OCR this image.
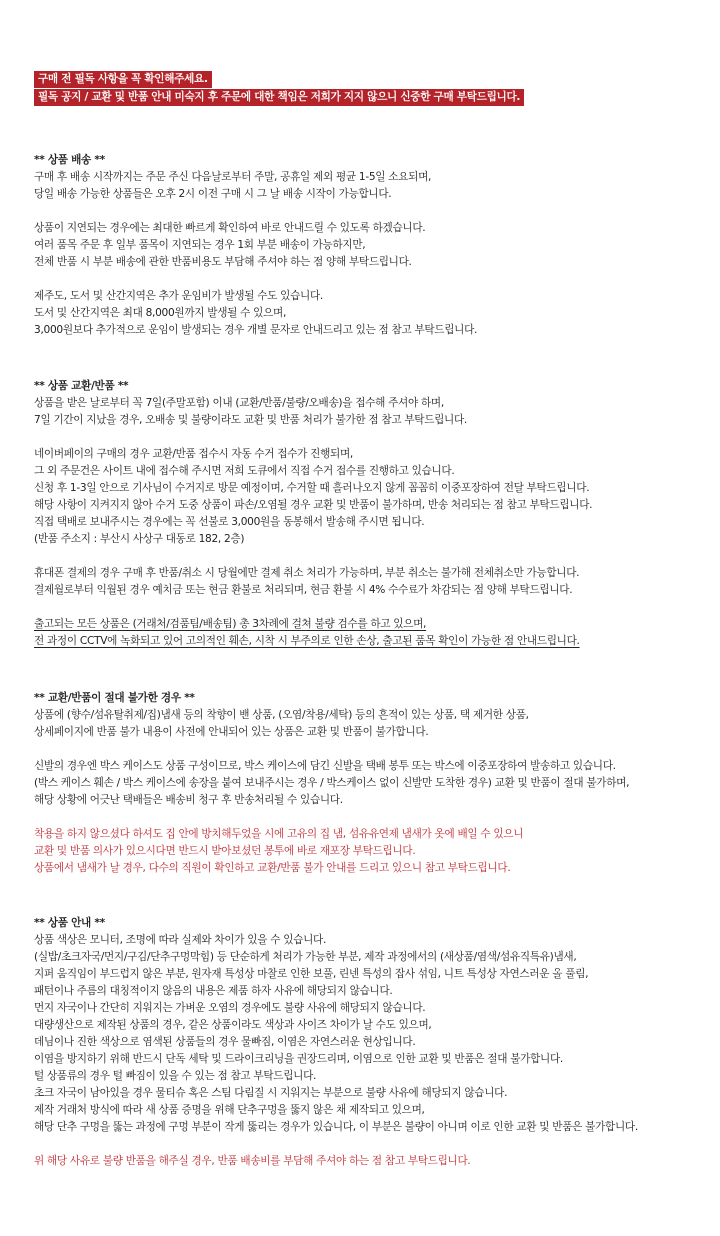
구매 전 필독 사항을 꼭 확인해주세요.
필독 공지 / 교환 및 반품 안내 미숙지 후 주문에 대한 책임은 저희가 지지 않으니 신중한 구매 부탁드립니다.
** 상품 배송 **
구매 후 배송 시작까지는 주문 주신 다음날로부터 주말, 공휴일 제외 평균 1-5일 소요되며,
당일 배송 가능한 상품들은 오후 2시 이전 구매 시 그 날 배송 시작이 가능합니다.
상품이 지연되는 경우에는 최대한 빠르게 확인하여 바로 안내드릴 수 있도록 하겠습니다.
여러 품목 주문 후 일부 품목이 지연되는 경우 1회 부분 배송이 가능하지만,
전체 반품 시 부분 배송에 관한 반품비용도 부담해 주셔야 하는 점 양해 부탁드립니다.
제주도, 도서 및 산간지역은 추가 운임비가 발생될 수도 있습니다.
도서 및 산간지역은 최대 8,000원까지 발생될 수 있으며,
3,000원보다 추가적으로 운임이 발생되는 경우 개별 문자로 안내드리고 있는 점 참고 부탁드립니다.
** 상품 교환/반품 **
상품을 받은 날로부터 꼭 7일(주말포함) 이내 (교환/반품/불량/오배송)을 접수해 주셔야 하며,
7일 기간이 지났을 경우, 오배송 및 불량이라도 교환 및 반품 처리가 불가한 점 참고 부탁드립니다.
네이버페이의 구매의 경우 교환/반품 접수시 자동 수거 접수가 진행되며,
그 외 주문건은 사이트 내에 접수해 주시면 저희 도큐에서 직접 수거 접수를 진행하고 있습니다.
신청 후 1-3일 안으로 기사님이 수거지로 방문 예정이며, 수거할 때 흘러나오지 않게 꼼꼼히 이중포장하여 전달 부탁드립니다.
해당 사항이 지켜지지 않아 수거 도중 상품이 파손/오염될 경우 교환 및 반품이 불가하며, 반송 처리되는 점 참고 부탁드립니다.
직접 택배로 보내주시는 경우에는 꼭 선불로 3,000원을 동봉해서 발송해 주시면 됩니다.
(반품 주소지 : 부산시 사상구 대동로 182, 2층)
휴대폰 결제의 경우 구매 후 반품/취소 시 당월에만 결제 취소 처리가 가능하며, 부분 취소는 불가해 전체취소만 가능합니다.
결제월로부터 익월된 경우 예치금 또는 현금 환불로 처리되며, 현금 환불 시 4% 수수료가 차감되는 점 양해 부탁드립니다.
출고되는 모든 상품은 (거래처/검품팀/배송팀) 총 3차례에 걸쳐 불량 검수를 하고 있으며,
전 과정이 CCTV에 녹화되고 있어 고의적인 훼손, 시착 시 부주의로 인한 손상, 출고된 품목 확인이 가능한 점 안내드립니다.
** 교환/반품이 절대 불가한 경우 **
상품에 (향수/섬유탈취제/집)냄새 등의 착향이 밴 상품, (오염/착용/세탁) 등의 흔적이 있는 상품, 택 제거한 상품,
상세페이지에 반품 불가 내용이 사전에 안내되어 있는 상품은 교환 및 반품이 불가합니다.
신발의 경우엔 박스 케이스도 상품 구성이므로, 박스 케이스에 담긴 신발을 택배 봉투 또는 박스에 이중포장하여 발송하고 있습니다.
(박스 케이스 훼손 / 박스 케이스에 송장을 붙여 보내주시는 경우 / 박스케이스 없이 신발만 도착한 경우) 교환 및 반품이 절대 불가하며,
해당 상황에 어긋난 택배들은 배송비 청구 후 반송처리될 수 있습니다.
착용을 하지 않으셨다 하셔도 집 안에 방치해두었을 시에 고유의 집 냄, 섬유유연제 냄새가 옷에 배일 수 있으니
교환 및 반품 의사가 있으시다면 반드시 받아보셨던 봉투에 바로 재포장 부탁드립니다.
상품에서 냄새가 날 경우, 다수의 직원이 확인하고 교환/반품 불가 안내를 드리고 있으니 참고 부탁드립니다.
** 상품 안내 **
상품 색상은 모니터, 조명에 따라 실제와 차이가 있을 수 있습니다.
(실밥/초크자국/먼지/구김/단추구멍막힘) 등 단순하게 처리가 가능한 부분, 제작 과정에서의 (새상품/염색/섬유직특유)냄새,
지퍼 움직임이 부드럽지 않은 부분, 원자재 특성상 마찰로 인한 보풀, 린넨 특성의 잡사 섞임, 니트 특성상 자연스러운 올 풀림,
패턴이나 주름의 대칭적이지 않음의 내용은 제품 하자 사유에 해당되지 않습니다.
먼지 자국이나 간단히 지워지는 가벼운 오염의 경우에도 불량 사유에 해당되지 않습니다.
대량생산으로 제작된 상품의 경우, 같은 상품이라도 색상과 사이즈 차이가 날 수도 있으며,
데님이나 진한 색상으로 염색된 상품들의 경우 물빠짐, 이염은 자연스러운 현상입니다.
이염을 방지하기 위해 반드시 단독 세탁 및 드라이크리닝을 권장드리며, 이염으로 인한 교환 및 반품은 절대 불가합니다.
털 상품류의 경우 털 빠짐이 있을 수 있는 점 참고 부탁드립니다.
초크 자국이 남아있을 경우 물티슈 혹은 스팀 다림질 시 지워지는 부분으로 불량 사유에 해당되지 않습니다.
제작 거래처 방식에 따라 새 상품 증명을 위해 단추구멍을 뚫지 않은 채 제작되고 있으며,
해당 단추 구멍을 뚫는 과정에 구멍 부분이 작게 뚫리는 경우가 있습니다, 이 부분은 불량이 아니며 이로 인한 교환 및 반품은 불가합니다.
위 해당 사유로 불량 반품을 해주실 경우, 반품 배송비를 부담해 주셔야 하는 점 참고 부탁드립니다.
